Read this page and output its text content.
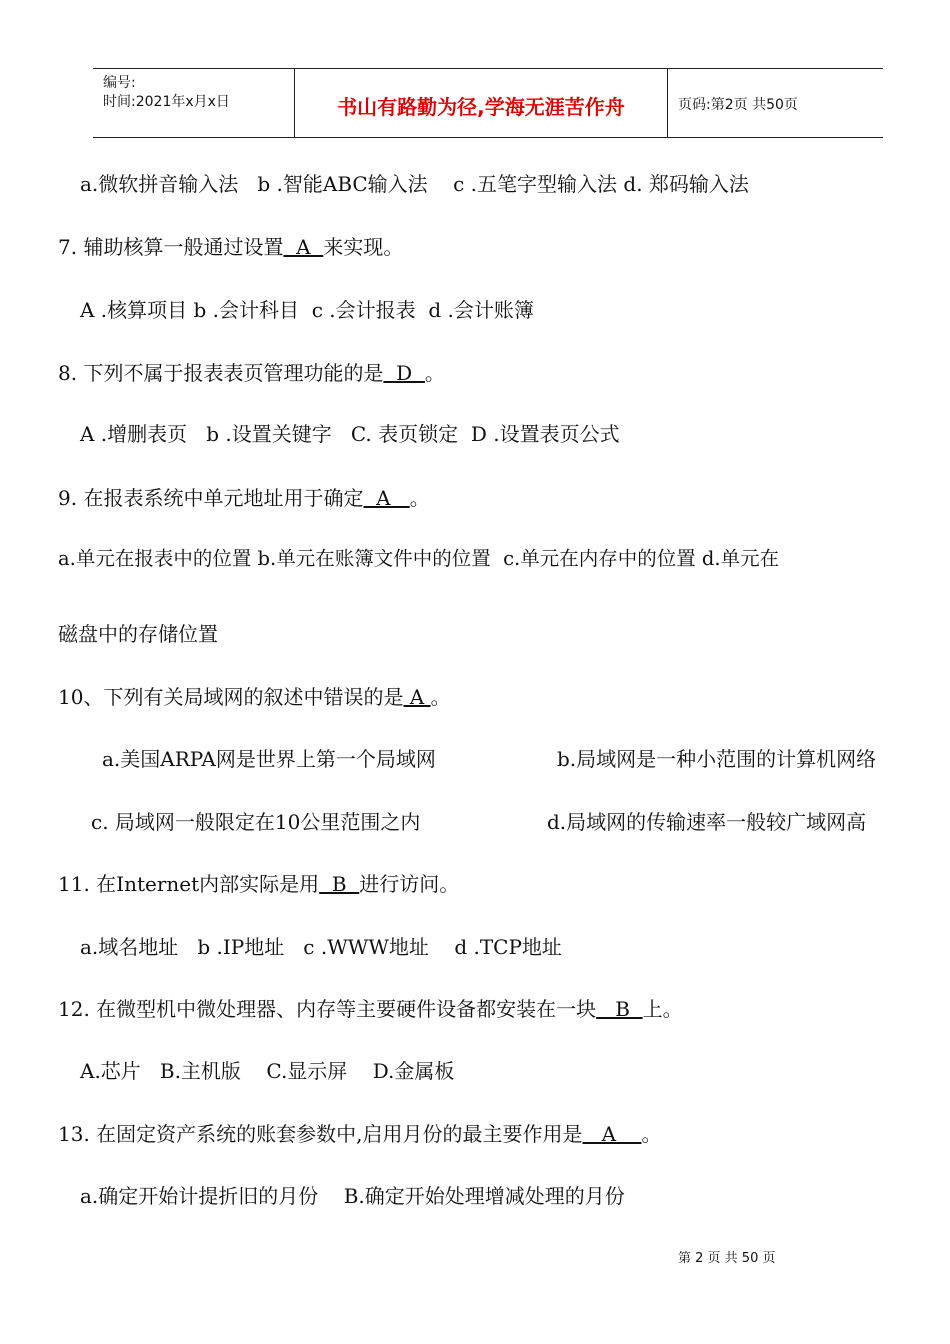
编号:
时间:2021年x月x日	书山有路勤为径,学海无涯苦作舟	页码:第2页 共50页
a.微软拼音输入法   b .智能ABC输入法    c .五笔字型输入法 d. 郑码输入法
7. 辅助核算一般通过设置  A  来实现。
A .核算项目 b .会计科目  c .会计报表  d .会计账簿
8. 下列不属于报表表页管理功能的是  D  。
A .增删表页   b .设置关键字   C. 表页锁定  D .设置表页公式
9. 在报表系统中单元地址用于确定  A   。
a.单元在报表中的位置 b.单元在账簿文件中的位置  c.单元在内存中的位置 d.单元在
磁盘中的存储位置
10、下列有关局域网的叙述中错误的是 A 。
a.美国ARPA网是世界上第一个局域网	b.局域网是一种小范围的计算机网络
c. 局域网一般限定在10公里范围之内	d.局域网的传输速率一般较广域网高
11. 在Internet内部实际是用  B  进行访问。
a.域名地址   b .IP地址   c .WWW地址    d .TCP地址
12. 在微型机中微处理器、内存等主要硬件设备都安装在一块   B  上。
A.芯片   B.主机版    C.显示屏    D.金属板
13. 在固定资产系统的账套参数中,启用月份的最主要作用是   A    。
a.确定开始计提折旧的月份    B.确定开始处理增减处理的月份
第 2 页 共 50 页
